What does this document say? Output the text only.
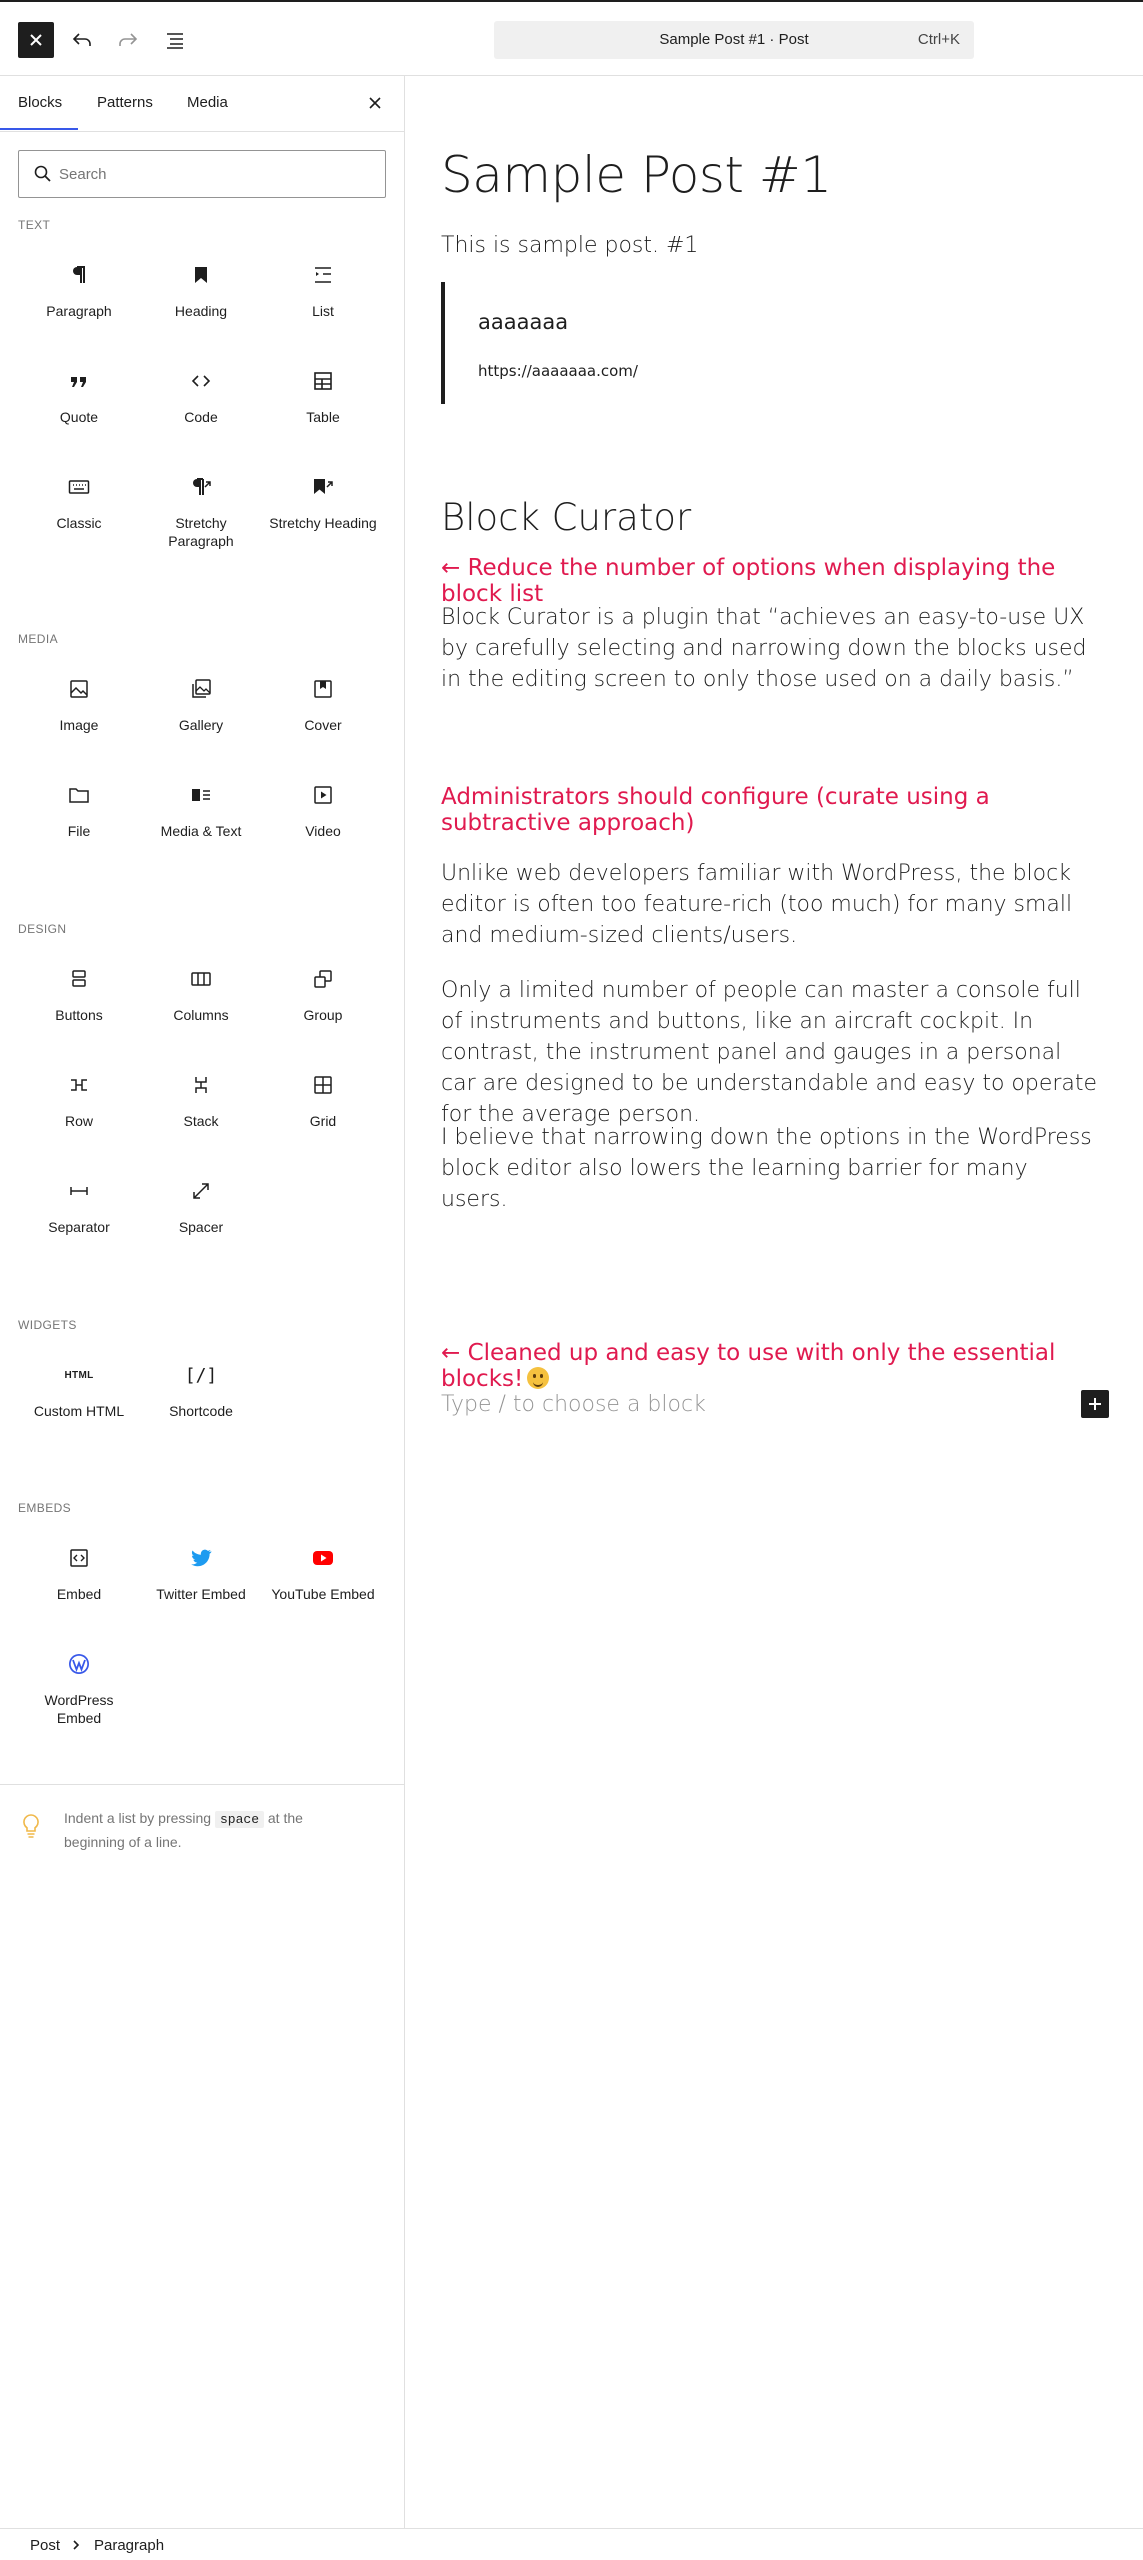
Sample Post #1 · Post	Ctrl+K
Blocks Patterns Media
Search
TEXT
Paragraph	Heading	List
Quote	Code	Table
Classic	Stretchy Paragraph
Stretchy Heading
MEDIA
Image	Gallery	Cover
File	Media & Text	Video
DESIGN
Buttons	Columns	Group
Row	Stack	Grid
Separator	Spacer
WIDGETS
HTML
Custom HTML
[/]
Shortcode
EMBEDS
Embed	Twitter Embed	YouTube Embed
WordPress Embed
Indent a list by pressing space at the beginning of a line.
Sample Post #1

This is sample post. #1

aaaaaaa

https://aaaaaaa.com/

Block Curator

← Reduce the number of options when displaying the block list

Block Curator is a plugin that “achieves an easy-to-use UX by carefully selecting and narrowing down the blocks used in the editing screen to only those used on a daily basis.”

Administrators should configure (curate using a subtractive approach)

Unlike web developers familiar with WordPress, the block editor is often too feature-rich (too much) for many small and medium-sized clients/users.

Only a limited number of people can master a console full of instruments and buttons, like an aircraft cockpit. In contrast, the instrument panel and gauges in a personal car are designed to be understandable and easy to operate for the average person.

I believe that narrowing down the options in the WordPress block editor also lowers the learning barrier for many users.

← Cleaned up and easy to use with only the essential blocks!

Type / to choose a block

Post Paragraph
